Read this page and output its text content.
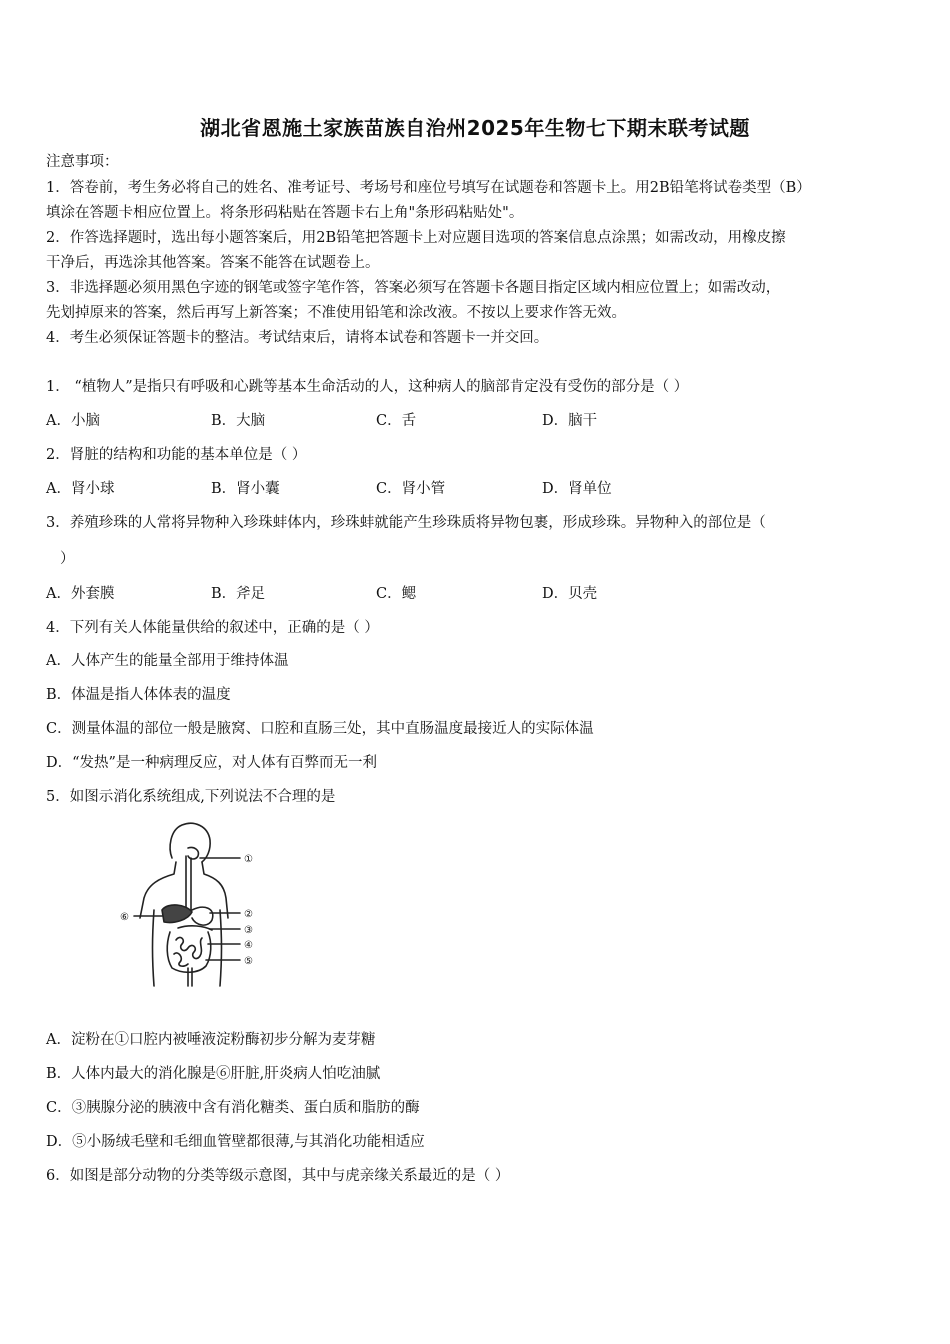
湖北省恩施土家族苗族自治州2025年生物七下期末联考试题
注意事项：
1．答卷前，考生务必将自己的姓名、准考证号、考场号和座位号填写在试题卷和答题卡上。用2B铅笔将试卷类型（B）
填涂在答题卡相应位置上。将条形码粘贴在答题卡右上角"条形码粘贴处"。
2．作答选择题时，选出每小题答案后，用2B铅笔把答题卡上对应题目选项的答案信息点涂黑；如需改动，用橡皮擦
干净后，再选涂其他答案。答案不能答在试题卷上。
3．非选择题必须用黑色字迹的钢笔或签字笔作答，答案必须写在答题卡各题目指定区域内相应位置上；如需改动，
先划掉原来的答案，然后再写上新答案；不准使用铅笔和涂改液。不按以上要求作答无效。
4．考生必须保证答题卡的整洁。考试结束后，请将本试卷和答题卡一并交回。
1． “植物人”是指只有呼吸和心跳等基本生命活动的人，这种病人的脑部肯定没有受伤的部分是（ ）
A．小脑	B．大脑	C．舌	D．脑干
2．肾脏的结构和功能的基本单位是（ ）
A．肾小球	B．肾小囊	C．肾小管	D．肾单位
3．养殖珍珠的人常将异物种入珍珠蚌体内，珍珠蚌就能产生珍珠质将异物包裹，形成珍珠。异物种入的部位是（
）
A．外套膜	B．斧足	C．鳃	D．贝壳
4．下列有关人体能量供给的叙述中，正确的是（ ）
A．人体产生的能量全部用于维持体温
B．体温是指人体体表的温度
C．测量体温的部位一般是腋窝、口腔和直肠三处，其中直肠温度最接近人的实际体温
D．“发热”是一种病理反应，对人体有百弊而无一利
5．如图示消化系统组成,下列说法不合理的是
①
②
③
④
⑤
⑥
A．淀粉在①口腔内被唾液淀粉酶初步分解为麦芽糖
B．人体内最大的消化腺是⑥肝脏,肝炎病人怕吃油腻
C．③胰腺分泌的胰液中含有消化糖类、蛋白质和脂肪的酶
D．⑤小肠绒毛壁和毛细血管壁都很薄,与其消化功能相适应
6．如图是部分动物的分类等级示意图，其中与虎亲缘关系最近的是（ ）
